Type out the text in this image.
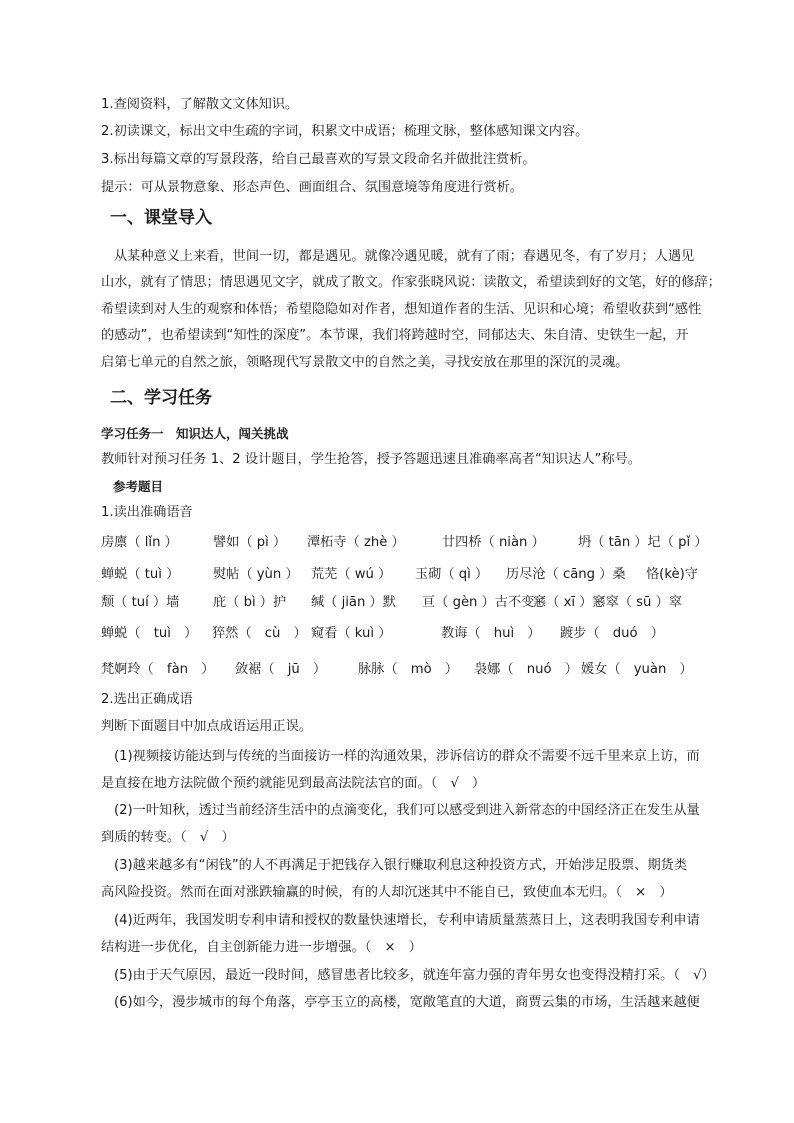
1.查阅资料，了解散文文体知识。
2.初读课文，标出文中生疏的字词，积累文中成语；梳理文脉，整体感知课文内容。
3.标出每篇文章的写景段落，给自己最喜欢的写景文段命名并做批注赏析。
提示：可从景物意象、形态声色、画面组合、氛围意境等角度进行赏析。
一、课堂导入
从某种意义上来看，世间一切，都是遇见。就像冷遇见暖，就有了雨；春遇见冬，有了岁月；人遇见
山水，就有了情思；情思遇见文字，就成了散文。作家张晓风说：读散文，希望读到好的文笔，好的修辞；
希望读到对人生的观察和体悟；希望隐隐如对作者，想知道作者的生活、见识和心境；希望收获到“感性
的感动”，也希望读到“知性的深度”。本节课，我们将跨越时空，同郁达夫、朱自清、史铁生一起，开
启第七单元的自然之旅，领略现代写景散文中的自然之美，寻找安放在那里的深沉的灵魂。
二、学习任务
学习任务一　知识达人，闯关挑战
教师针对预习任务 1、2 设计题目，学生抢答，授予答题迅速且准确率高者“知识达人”称号。
参考题目
1.读出准确语音
房廪（ lǐn ）	譬如（ pì ） 潭柘寺（ zhè ）	廿四桥（ niàn ）	坍（ tān ）圮（ pǐ ）
蝉蜕（ tuì ）	熨帖（ yùn ） 荒芜（ wú ） 玉砌（ qì ） 历尽沧（ cāng ）桑 恪(kè)守
颓（ tuí ）墙	庇（ bì ）护 缄（ jiān ）默 亘（ gèn ）古不变
窸（ xī ）窸窣（ sū ）窣
蝉蜕（　tuì　） 猝然（　cù　） 窥看（ kuì ）	教诲（　huì　） 踱步（　duó　）
梵婀玲（　fàn　） 敛裾（　jū　） 脉脉（　mò　） 袅娜（　nuó　） 媛女（　yuàn　）
2.选出正确成语
判断下面题目中加点成语运用正误。
(1)视频接访能达到与传统的当面接访一样的沟通效果，涉诉信访的群众不需要不远千里来京上访，而
是直接在地方法院做个预约就能见到最高法院法官的面。（　√　）
(2)一叶知秋，透过当前经济生活中的点滴变化，我们可以感受到进入新常态的中国经济正在发生从量
到质的转变。（　√　）
(3)越来越多有“闲钱”的人不再满足于把钱存入银行赚取利息这种投资方式，开始涉足股票、期货类
高风险投资。然而在面对涨跌输赢的时候，有的人却沉迷其中不能自已，致使血本无归。（　×　）
(4)近两年，我国发明专利申请和授权的数量快速增长，专利申请质量蒸蒸日上，这表明我国专利申请
结构进一步优化，自主创新能力进一步增强。（　×　）
(5)由于天气原因，最近一段时间，感冒患者比较多，就连年富力强的青年男女也变得没精打采。（　√）
(6)如今，漫步城市的每个角落，亭亭玉立的高楼，宽敞笔直的大道，商贾云集的市场，生活越来越便
